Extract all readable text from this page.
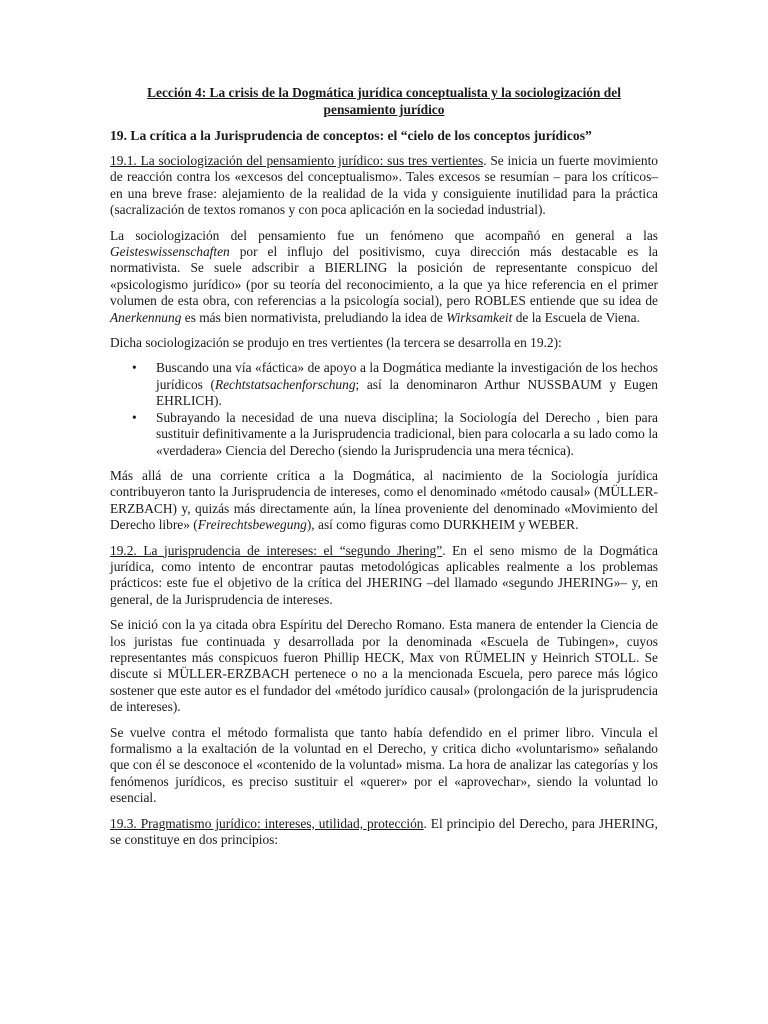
Lección 4: La crisis de la Dogmática jurídica conceptualista y la sociologización del pensamiento jurídico
19. La crítica a la Jurisprudencia de conceptos: el “cielo de los conceptos jurídicos”

19.1. La sociologización del pensamiento jurídico: sus tres vertientes. Se inicia un fuerte movimiento de reacción contra los «excesos del conceptualismo». Tales excesos se resumían – para los críticos– en una breve frase: alejamiento de la realidad de la vida y consiguiente inutilidad para la práctica (sacralización de textos romanos y con poca aplicación en la sociedad industrial).

La sociologización del pensamiento fue un fenómeno que acompañó en general a las Geisteswissenschaften por el influjo del positivismo, cuya dirección más destacable es la normativista. Se suele adscribir a BIERLING la posición de representante conspicuo del «psicologismo jurídico» (por su teoría del reconocimiento, a la que ya hice referencia en el primer volumen de esta obra, con referencias a la psicología social), pero ROBLES entiende que su idea de Anerkennung es más bien normativista, preludiando la idea de Wirksamkeit de la Escuela de Viena.

Dicha sociologización se produjo en tres vertientes (la tercera se desarrolla en 19.2):

• Buscando una vía «fáctica» de apoyo a la Dogmática mediante la investigación de los hechos jurídicos (Rechtstatsachenforschung; así la denominaron Arthur NUSSBAUM y Eugen EHRLICH).
• Subrayando la necesidad de una nueva disciplina; la Sociología del Derecho , bien para sustituir definitivamente a la Jurisprudencia tradicional, bien para colocarla a su lado como la «verdadera» Ciencia del Derecho (siendo la Jurisprudencia una mera técnica).

Más allá de una corriente crítica a la Dogmática, al nacimiento de la Sociología jurídica contribuyeron tanto la Jurisprudencia de intereses, como el denominado «método causal» (MÜLLER-ERZBACH) y, quizás más directamente aún, la línea proveniente del denominado «Movimiento del Derecho libre» (Freirechtsbewegung), así como figuras como DURKHEIM y WEBER.

19.2. La jurisprudencia de intereses: el “segundo Jhering”. En el seno mismo de la Dogmática jurídica, como intento de encontrar pautas metodológicas aplicables realmente a los problemas prácticos: este fue el objetivo de la crítica del JHERING –del llamado «segundo JHERING»– y, en general, de la Jurisprudencia de intereses.

Se inició con la ya citada obra Espíritu del Derecho Romano. Esta manera de entender la Ciencia de los juristas fue continuada y desarrollada por la denominada «Escuela de Tubingen», cuyos representantes más conspicuos fueron Phillip HECK, Max von RÜMELIN y Heinrich STOLL. Se discute si MÜLLER-ERZBACH pertenece o no a la mencionada Escuela, pero parece más lógico sostener que este autor es el fundador del «método jurídico causal» (prolongación de la jurisprudencia de intereses).

Se vuelve contra el método formalista que tanto había defendido en el primer libro. Vincula el formalismo a la exaltación de la voluntad en el Derecho, y critica dicho «voluntarismo» señalando que con él se desconoce el «contenido de la voluntad» misma. La hora de analizar las categorías y los fenómenos jurídicos, es preciso sustituir el «querer» por el «aprovechar», siendo la voluntad lo esencial.

19.3. Pragmatismo jurídico: intereses, utilidad, protección. El principio del Derecho, para JHERING, se constituye en dos principios:
